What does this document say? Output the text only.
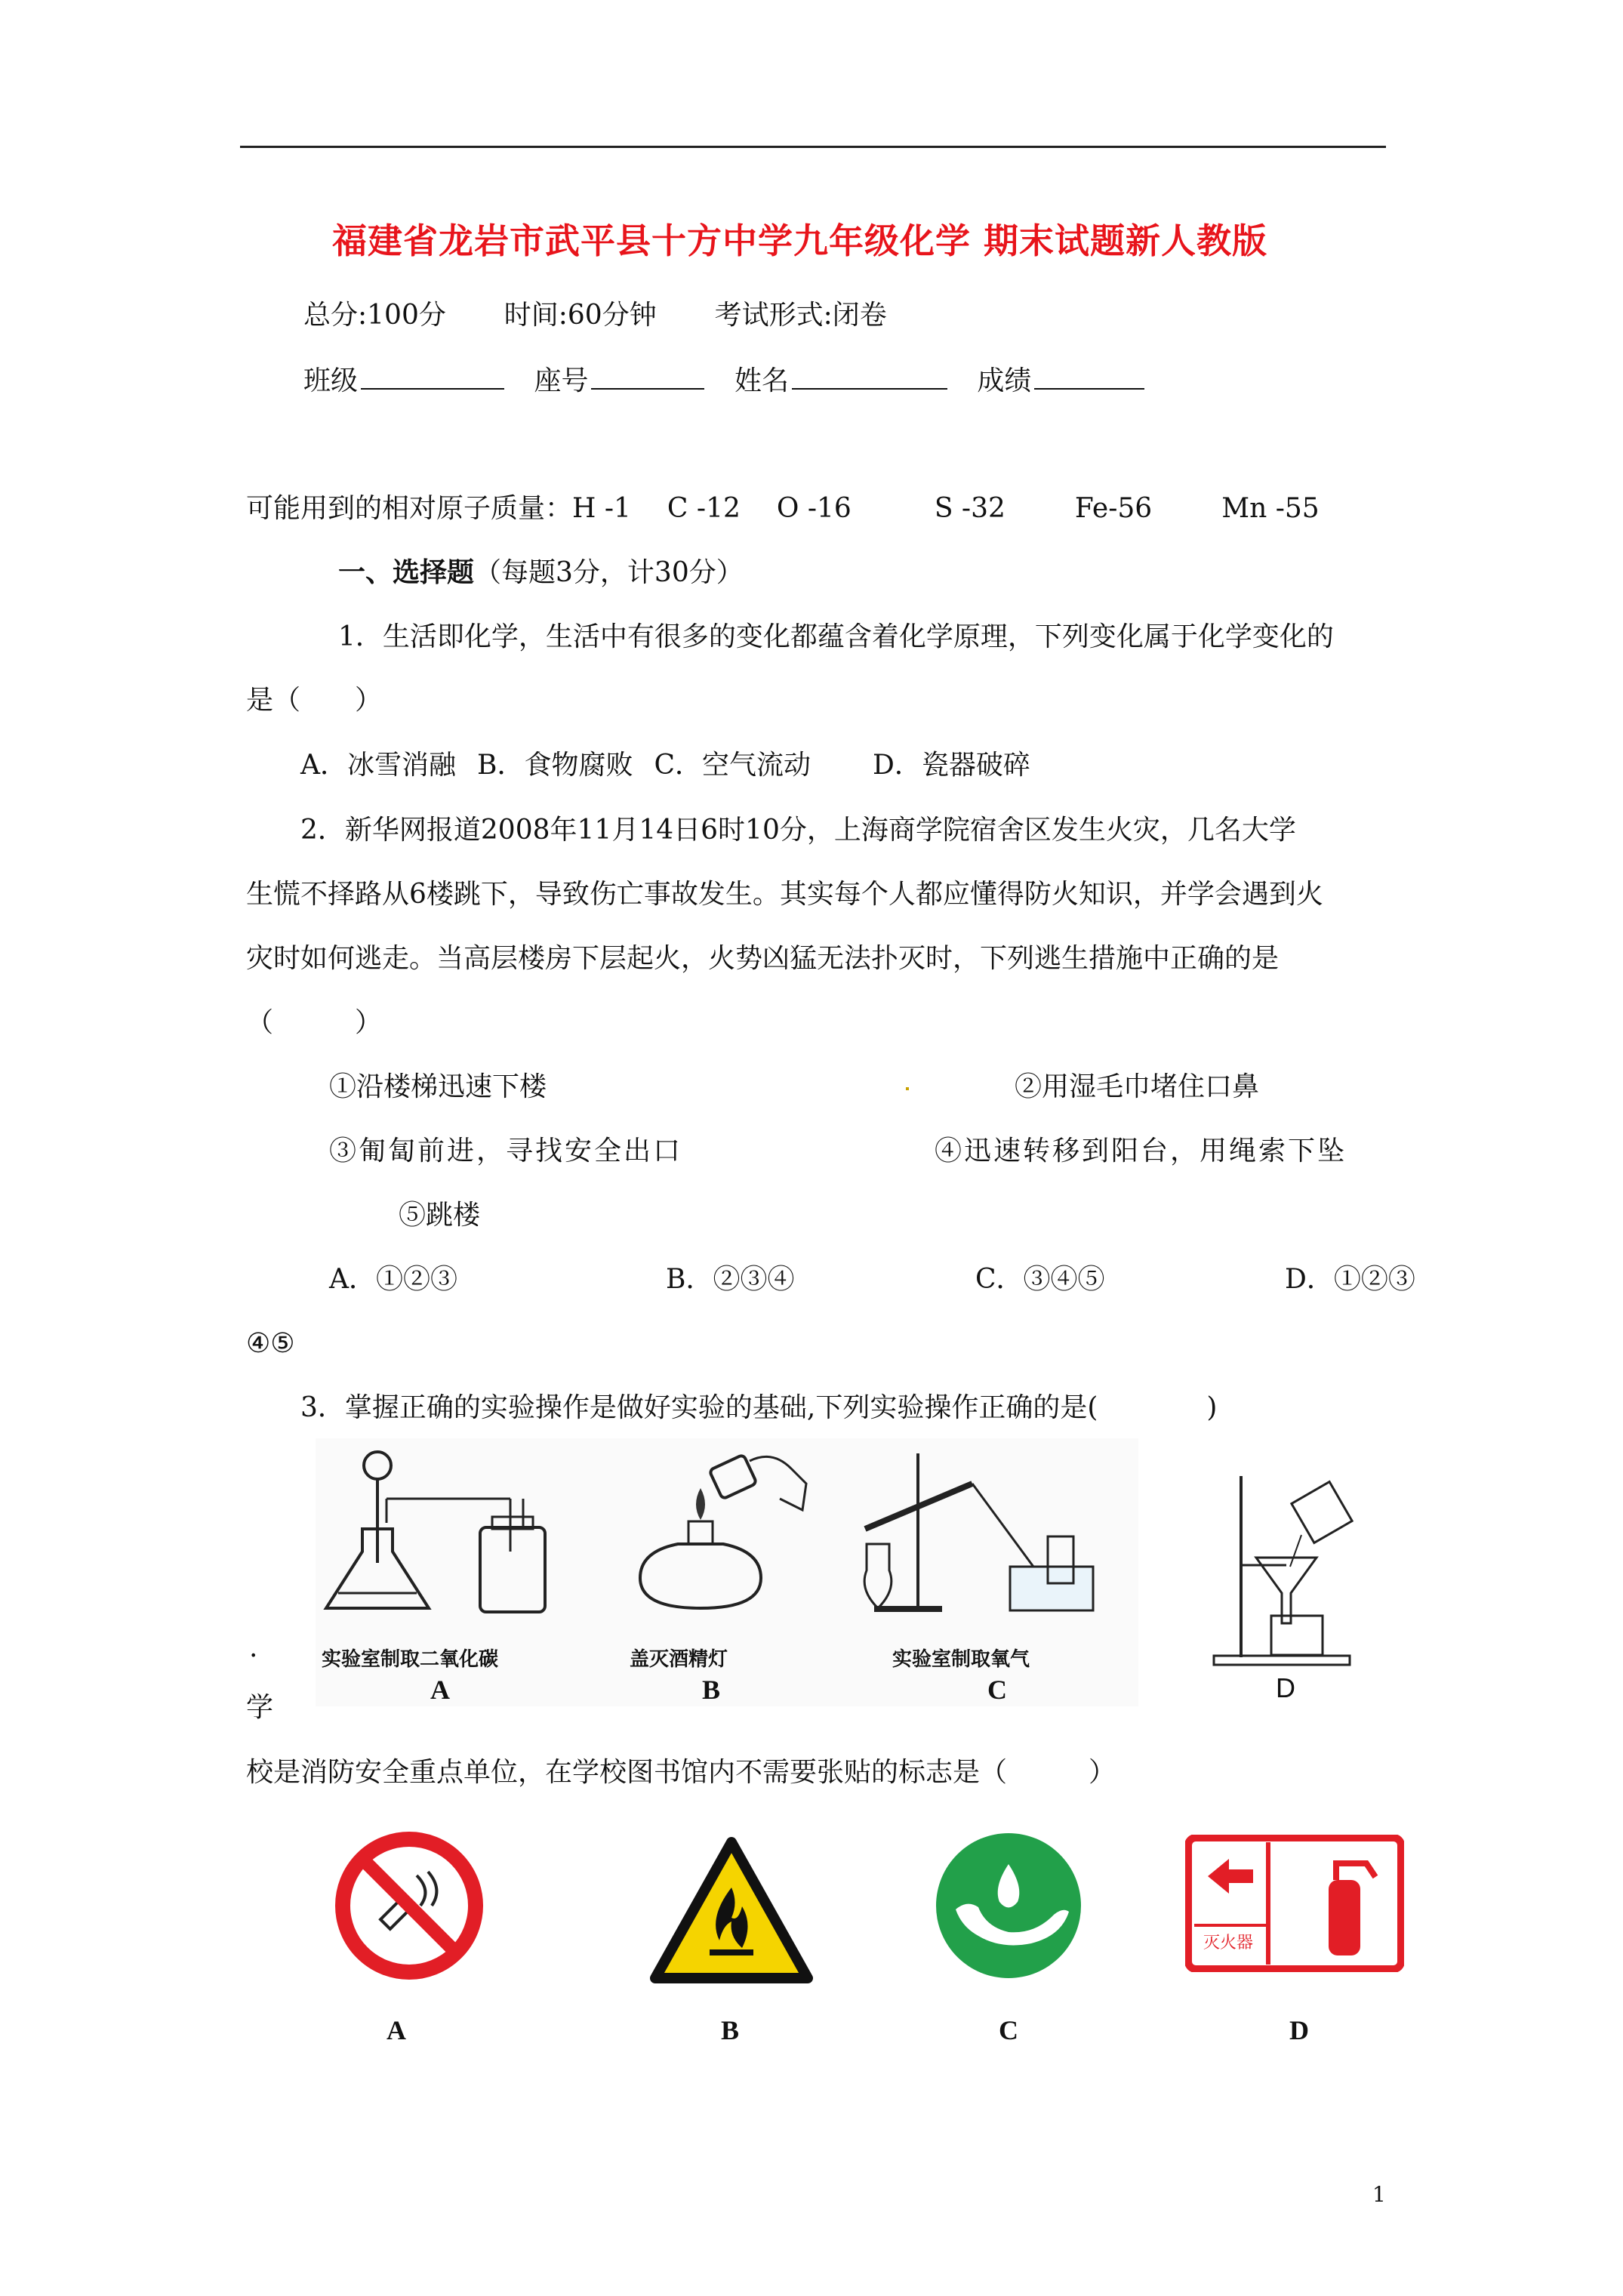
福建省龙岩市武平县十方中学九年级化学 期末试题新人教版
总分:100分 时间:60分钟 考试形式:闭卷
班级	座号	姓名	成绩
可能用到的相对原子质量：H -1 C -12 O -16	S -32	Fe-56	Mn -55
一、选择题（每题3分，计30分）
1．生活即化学，生活中有很多的变化都蕴含着化学原理，下列变化属于化学变化的
是（　　）
A．冰雪消融 B．食物腐败 C．空气流动 D．瓷器破碎
2．新华网报道2008年11月14日6时10分，上海商学院宿舍区发生火灾，几名大学
生慌不择路从6楼跳下，导致伤亡事故发生。其实每个人都应懂得防火知识，并学会遇到火
灾时如何逃走。当高层楼房下层起火，火势凶猛无法扑灭时，下列逃生措施中正确的是
（　　　）
①沿楼梯迅速下楼	②用湿毛巾堵住口鼻
③匍匐前进，寻找安全出口	④迅速转移到阳台，用绳索下坠
⑤跳楼
A．①②③	B．②③④	C．③④⑤	D．①②③
④⑤
3．掌握正确的实验操作是做好实验的基础,下列实验操作正确的是(　　　　)
实验室制取二氧化碳	盖灭酒精灯	实验室制取氧气
A	B	C	D
·
学
校是消防安全重点单位，在学校图书馆内不需要张贴的标志是（　　　）
灭火器
A	B	C	D
1
